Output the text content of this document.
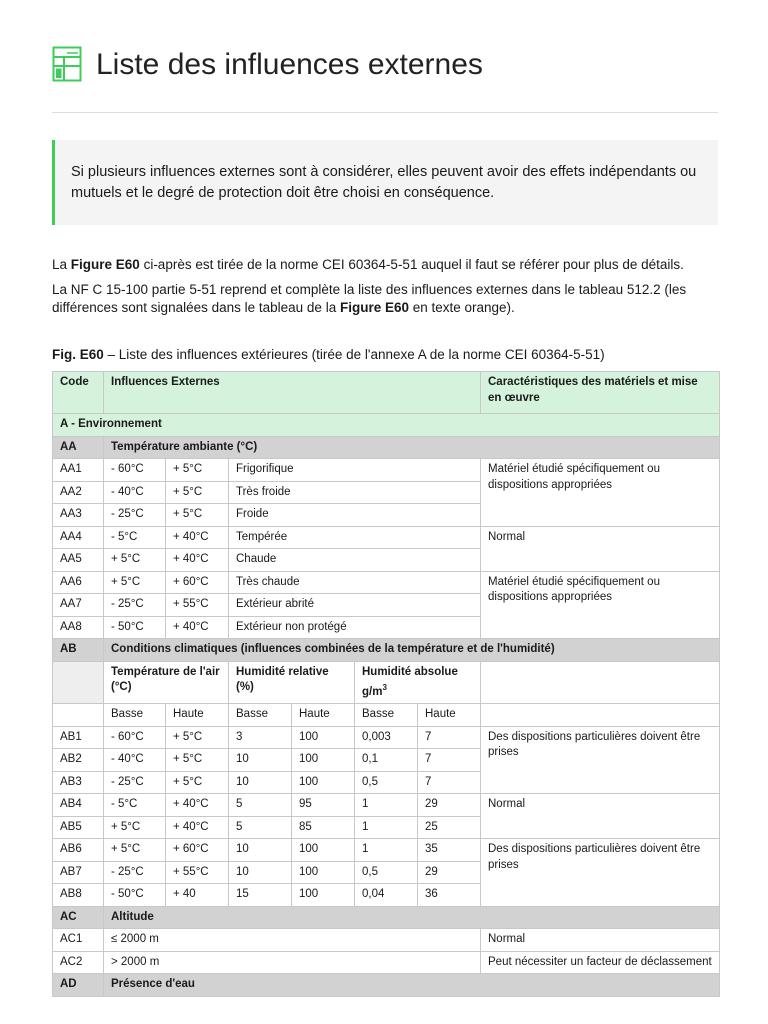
Liste des influences externes
Si plusieurs influences externes sont à considérer, elles peuvent avoir des effets indépendants ou mutuels et le degré de protection doit être choisi en conséquence.

La Figure E60 ci-après est tirée de la norme CEI 60364-5-51 auquel il faut se référer pour plus de détails.

La NF C 15-100 partie 5-51 reprend et complète la liste des influences externes dans le tableau 512.2 (les différences sont signalées dans le tableau de la Figure E60 en texte orange).

Fig. E60 – Liste des influences extérieures (tirée de l'annexe A de la norme CEI 60364-5-51)

Code	Influences Externes						Caractéristiques des matériels et mise en œuvre
A - Environnement							
AA	Température ambiante (°C)						
AA1	- 60°C	+ 5°C	Frigorifique				Matériel étudié spécifiquement ou dispositions appropriées
AA2	- 40°C	+ 5°C	Très froide				
AA3	- 25°C	+ 5°C	Froide				
AA4	- 5°C	+ 40°C	Tempérée				Normal
AA5	+ 5°C	+ 40°C	Chaude				
AA6	+ 5°C	+ 60°C	Très chaude				Matériel étudié spécifiquement ou dispositions appropriées
AA7	- 25°C	+ 55°C	Extérieur abrité				
AA8	- 50°C	+ 40°C	Extérieur non protégé				
AB	Conditions climatiques (influences combinées de la température et de l'humidité)						
	Température de l'air (°C)		Humidité relative (%)		Humidité absolue $g/m^3$	
	Basse	Haute	Basse	Haute	Basse	Haute	
AB1	- 60°C	+ 5°C	3	100	0,003	7	Des dispositions particulières doivent être prises
AB2	- 40°C	+ 5°C	10	100	0,1	7	
AB3	- 25°C	+ 5°C	10	100	0,5	7	
AB4	- 5°C	+ 40°C	5	95	1	29	Normal
AB5	+ 5°C	+ 40°C	5	85	1	25	
AB6	+ 5°C	+ 60°C	10	100	1	35	Des dispositions particulières doivent être prises
AB7	- 25°C	+ 55°C	10	100	0,5	29	
AB8	- 50°C	+ 40	15	100	0,04	36	
AC	Altitude						
AC1	≤ 2000 m						Normal
AC2	> 2000 m						Peut nécessiter un facteur de déclassement
AD	Présence d'eau						
